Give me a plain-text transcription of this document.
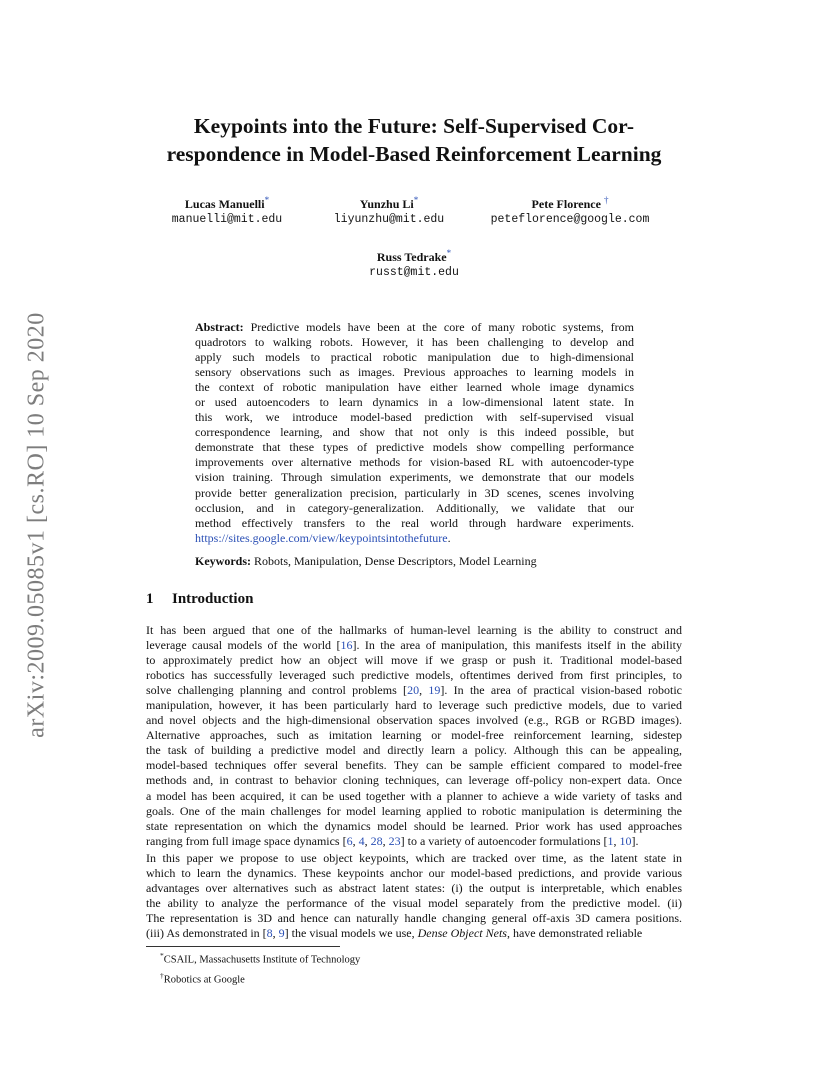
arXiv:2009.05085v1 [cs.RO] 10 Sep 2020
Keypoints into the Future: Self-Supervised Cor-
respondence in Model-Based Reinforcement Learning
Lucas Manuelli*
manuelli@mit.edu
Yunzhu Li*
liyunzhu@mit.edu
Pete Florence †
peteflorence@google.com
Russ Tedrake*
russt@mit.edu
Abstract: Predictive models have been at the core of many robotic systems, from
quadrotors to walking robots. However, it has been challenging to develop and
apply such models to practical robotic manipulation due to high-dimensional
sensory observations such as images. Previous approaches to learning models in
the context of robotic manipulation have either learned whole image dynamics
or used autoencoders to learn dynamics in a low-dimensional latent state. In
this work, we introduce model-based prediction with self-supervised visual
correspondence learning, and show that not only is this indeed possible, but
demonstrate that these types of predictive models show compelling performance
improvements over alternative methods for vision-based RL with autoencoder-type
vision training. Through simulation experiments, we demonstrate that our models
provide better generalization precision, particularly in 3D scenes, scenes involving
occlusion, and in category-generalization. Additionally, we validate that our
method effectively transfers to the real world through hardware experiments.
https://sites.google.com/view/keypointsintothefuture.
Keywords: Robots, Manipulation, Dense Descriptors, Model Learning
1 Introduction
It has been argued that one of the hallmarks of human-level learning is the ability to construct and
leverage causal models of the world [16]. In the area of manipulation, this manifests itself in the ability
to approximately predict how an object will move if we grasp or push it. Traditional model-based
robotics has successfully leveraged such predictive models, oftentimes derived from first principles, to
solve challenging planning and control problems [20, 19]. In the area of practical vision-based robotic
manipulation, however, it has been particularly hard to leverage such predictive models, due to varied
and novel objects and the high-dimensional observation spaces involved (e.g., RGB or RGBD images).
Alternative approaches, such as imitation learning or model-free reinforcement learning, sidestep
the task of building a predictive model and directly learn a policy. Although this can be appealing,
model-based techniques offer several benefits. They can be sample efficient compared to model-free
methods and, in contrast to behavior cloning techniques, can leverage off-policy non-expert data. Once
a model has been acquired, it can be used together with a planner to achieve a wide variety of tasks and
goals. One of the main challenges for model learning applied to robotic manipulation is determining the
state representation on which the dynamics model should be learned. Prior work has used approaches
ranging from full image space dynamics [6, 4, 28, 23] to a variety of autoencoder formulations [1, 10].
In this paper we propose to use object keypoints, which are tracked over time, as the latent state in
which to learn the dynamics. These keypoints anchor our model-based predictions, and provide various
advantages over alternatives such as abstract latent states: (i) the output is interpretable, which enables
the ability to analyze the performance of the visual model separately from the predictive model. (ii)
The representation is 3D and hence can naturally handle changing general off-axis 3D camera positions.
(iii) As demonstrated in [8, 9] the visual models we use, Dense Object Nets, have demonstrated reliable
*CSAIL, Massachusetts Institute of Technology
†Robotics at Google
